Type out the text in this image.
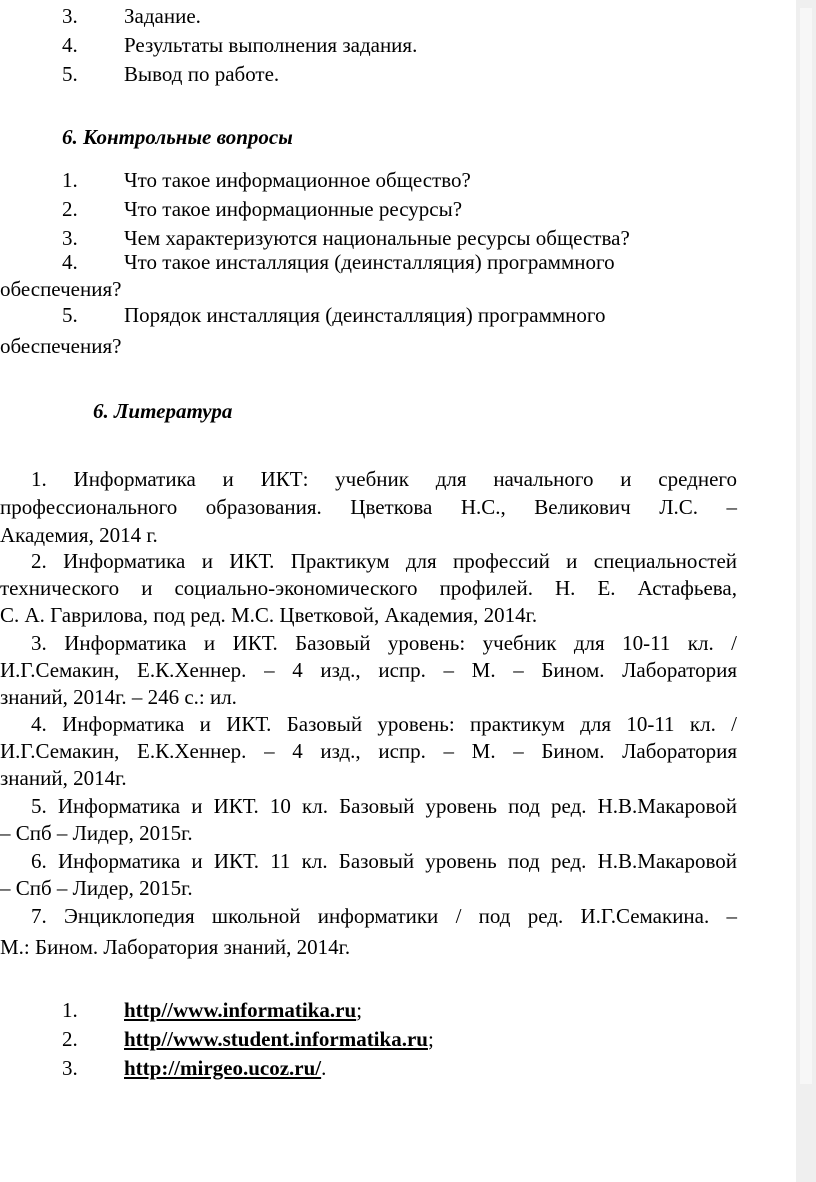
3. Задание.
4. Результаты выполнения задания.
5. Вывод по работе.
6. Контрольные вопросы
1. Что такое информационное общество?
2. Что такое информационные ресурсы?
3. Чем характеризуются национальные ресурсы общества?
4. Что такое инсталляция (деинсталляция) программного
обеспечения?
5. Порядок инсталляция (деинсталляция) программного
обеспечения?
6. Литература
1. Информатика и ИКТ: учебник для начального и среднего
профессионального образования. Цветкова Н.С., Великович Л.С. –
Академия, 2014 г.
2. Информатика и ИКТ. Практикум для профессий и специальностей
технического и социально-экономического профилей. Н. Е. Астафьева,
С. А. Гаврилова, под ред. М.С. Цветковой, Академия, 2014г.
3. Информатика и ИКТ. Базовый уровень: учебник для 10-11 кл. /
И.Г.Семакин, Е.К.Хеннер. – 4 изд., испр. – М. – Бином. Лаборатория
знаний, 2014г. – 246 с.: ил.
4. Информатика и ИКТ. Базовый уровень: практикум для 10-11 кл. /
И.Г.Семакин, Е.К.Хеннер. – 4 изд., испр. – М. – Бином. Лаборатория
знаний, 2014г.
5. Информатика и ИКТ. 10 кл. Базовый уровень под ред. Н.В.Макаровой
– Спб – Лидер, 2015г.
6. Информатика и ИКТ. 11 кл. Базовый уровень под ред. Н.В.Макаровой
– Спб – Лидер, 2015г.
7. Энциклопедия школьной информатики / под ред. И.Г.Семакина. –
М.: Бином. Лаборатория знаний, 2014г.
1. http//www.informatika.ru;
2. http//www.student.informatika.ru;
3. http://mirgeo.ucoz.ru/.
